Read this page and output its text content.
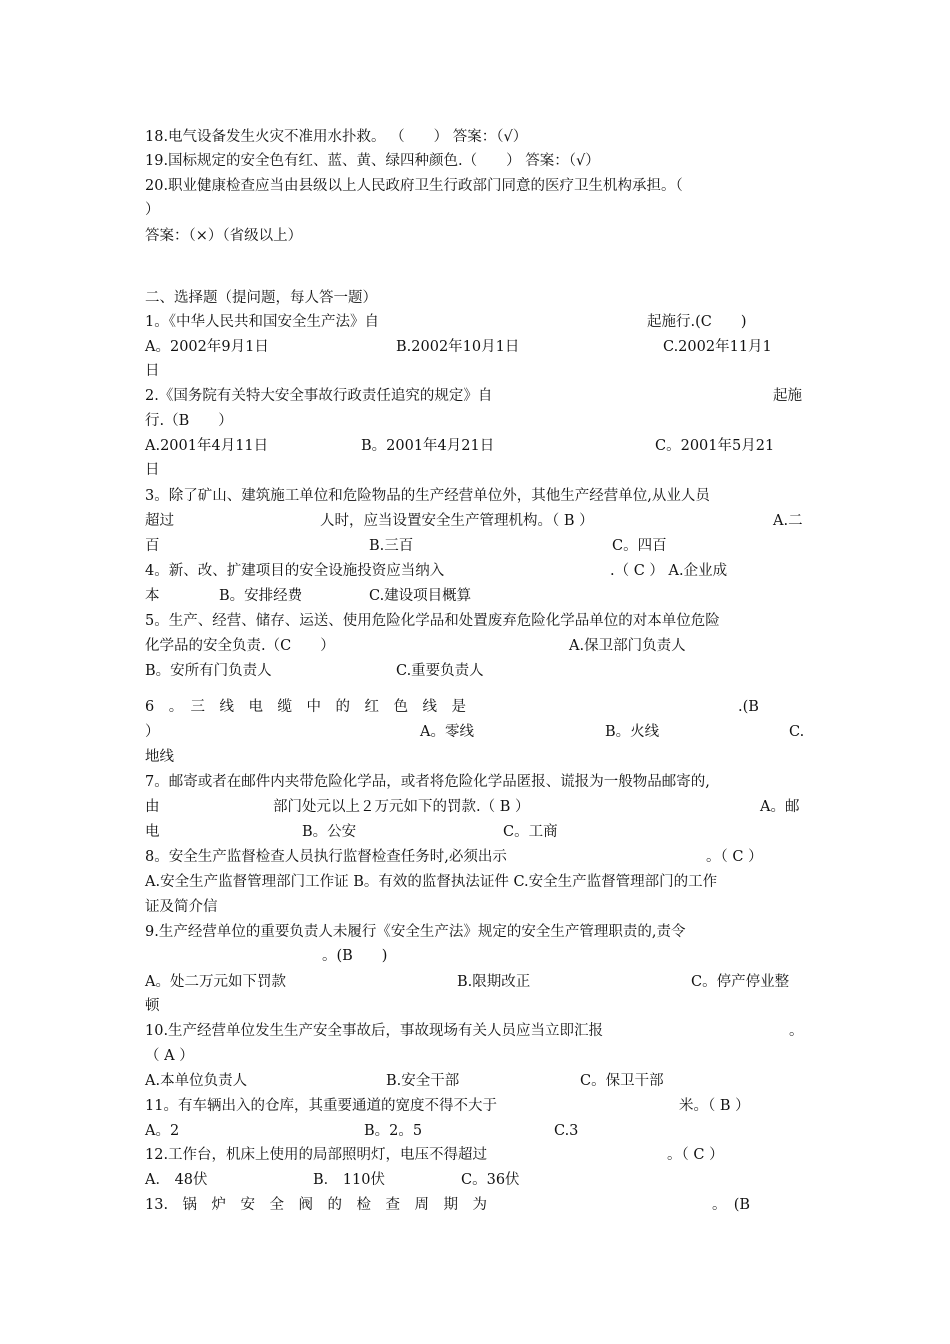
18.电气设备发生火灾不准用水扑救。 （　　） 答案：（√）
19.国标规定的安全色有红、蓝、黄、绿四种颜色.（　　） 答案：（√）
20.职业健康检查应当由县级以上人民政府卫生行政部门同意的医疗卫生机构承担。（
）
答案：（×）（省级以上）
二、选择题（提问题，每人答一题）
1。《中华人民共和国安全生产法》自	起施行.(C　　)
A。2002年9月1日	B.2002年10月1日	C.2002年11月1
日
2.《国务院有关特大安全事故行政责任追究的规定》自	起施
行.（B　　）
A.2001年4月11日	B。2001年4月21日	C。2001年5月21
日
3。除了矿山、建筑施工单位和危险物品的生产经营单位外，其他生产经营单位,从业人员
超过	人时，应当设置安全生产管理机构。（ B ）	A.二
百	B.三百	C。四百
4。新、改、扩建项目的安全设施投资应当纳入	.（ C ） A.企业成
本	B。安排经费	C.建设项目概算
5。生产、经营、储存、运送、使用危险化学品和处置废弃危险化学品单位的对本单位危险
化学品的安全负责.（C　　）	A.保卫部门负责人
B。安所有门负责人	C.重要负责人
6　。　三　线　电　缆　中　的　红　色　线　是	.(B
）	A。零线	B。火线	C.
地线
7。邮寄或者在邮件内夹带危险化学品，或者将危险化学品匿报、谎报为一般物品邮寄的,
由	部门处元以上２万元如下的罚款.（ B ）	A。邮
电	B。公安	C。工商
8。安全生产监督检查人员执行监督检查任务时,必须出示	。（ C ）
A.安全生产监督管理部门工作证 B。有效的监督执法证件 C.安全生产监督管理部门的工作
证及简介信
9.生产经营单位的重要负责人未履行《安全生产法》规定的安全生产管理职责的,责令
。(B　　)
A。处二万元如下罚款	B.限期改正	C。停产停业整
顿
10.生产经营单位发生生产安全事故后，事故现场有关人员应当立即汇报	。
（ A ）
A.本单位负责人	B.安全干部	C。保卫干部
11。有车辆出入的仓库，其重要通道的宽度不得不大于	米。（ B ）
A。2	B。2。5	C.3
12.工作台，机床上使用的局部照明灯，电压不得超过	。（ C ）
A． 48伏	B． 110伏	C。36伏
13.　锅　炉　安　全　阀　的　检　查　周　期　为	。　(B
